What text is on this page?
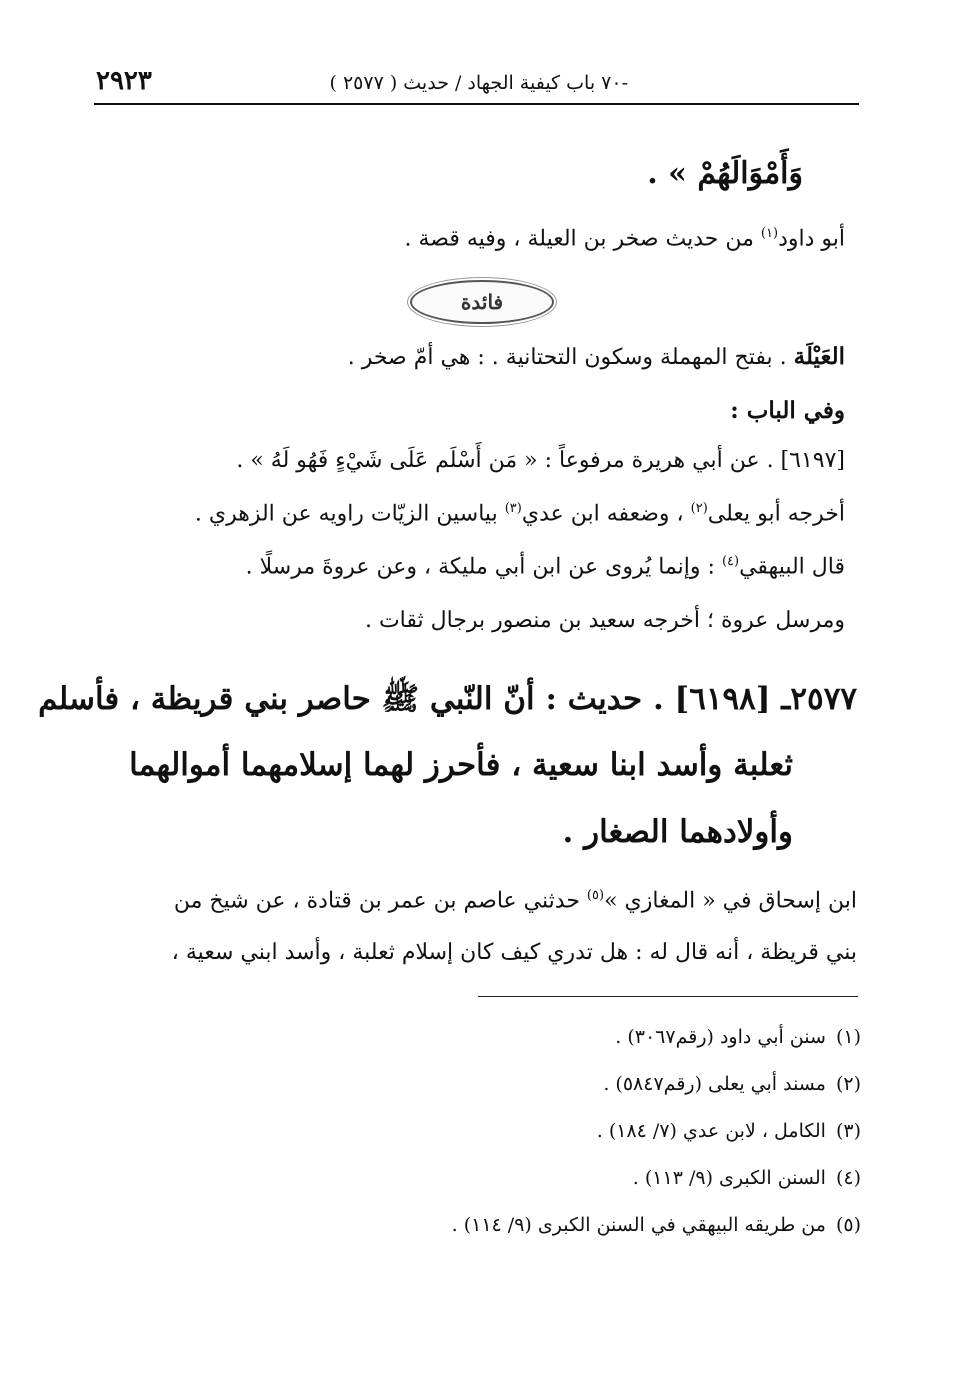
-٧٠ باب كيفية الجهاد / حديث ( ٢٥٧٧ )
٢٩٢٣
وَأَمْوَالَهُمْ » .
أبو داود$^{(١)}$ من حديث صخر بن العيلة ، وفيه قصة .
فائدة
العَيْلَة . بفتح المهملة وسكون التحتانية . : هي أمّ صخر .
وفي الباب :
[٦١٩٧] . عن أبي هريرة مرفوعاً : « مَن أَسْلَم عَلَى شَيْءٍ فَهُو لَهُ » .
أخرجه أبو يعلى$^{(٢)}$ ، وضعفه ابن عدي$^{(٣)}$ بياسين الزيّات راويه عن الزهري .
قال البيهقي$^{(٤)}$ : وإنما يُروى عن ابن أبي مليكة ، وعن عروةَ مرسلًا .
ومرسل عروة ؛ أخرجه سعيد بن منصور برجال ثقات .
٢٥٧٧ـ [٦١٩٨] . حديث : أنّ النّبي ﷺ حاصر بني قريظة ، فأسلم
ثعلبة وأسد ابنا سعية ، فأحرز لهما إسلامهما أموالهما
وأولادهما الصغار .
ابن إسحاق في « المغازي »$^{(٥)}$ حدثني عاصم بن عمر بن قتادة ، عن شيخ من
بني قريظة ، أنه قال له : هل تدري كيف كان إسلام ثعلبة ، وأسد ابني سعية ،
(١)سنن أبي داود (رقم٣٠٦٧) .
(٢)مسند أبي يعلى (رقم٥٨٤٧) .
(٣)الكامل ، لابن عدي (٧/ ١٨٤) .
(٤)السنن الكبرى (٩/ ١١٣) .
(٥)من طريقه البيهقي في السنن الكبرى (٩/ ١١٤) .
